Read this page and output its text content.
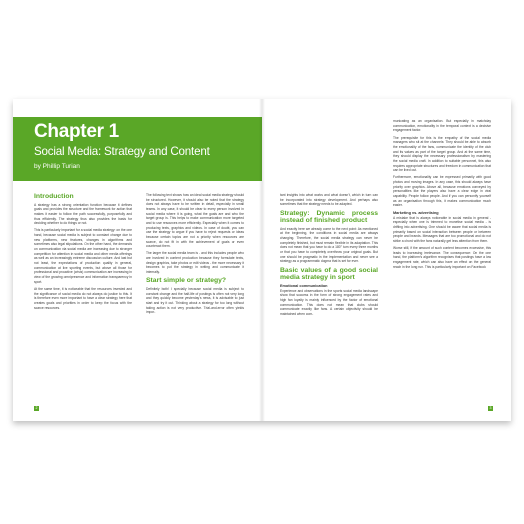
Chapter 1
Social Media: Strategy and Content
by Phillip Turian
Introduction

A strategy has a strong orientation function because it defines goals and provides the structure and the framework for action that makes it easier to follow the path successfully, purposefully and thus efficiently. The strategy thus also provides the basis for deciding whether to do things or not.

This is particularly important for a social media strategy: on the one hand, because social media is subject to constant change due to new platforms, new features, changes in algorithms and sometimes also legal stipulations. On the other hand, the demands on communication via social media are increasing due to stronger competition for attention in social media and other media offerings as well as an increasingly extreme discussion culture. And last but not least, the expectations of production quality in general, communication at live sporting events, but above all those for professional and proactive (crisis) communication are increasing in view of the growing omnipresence and information transparency in sport.

At the same time, it is noticeable that the resources invested and the significance of social media do not always do justice to this. It is therefore even more important to have a clear strategy here that creates goals and priorities in order to keep the focus with the scarce resources.

The following text shows how an ideal social media strategy should be structured. However, it should also be noted that the strategy does not always have to be written in detail, especially in small teams. In any case, it should be clear to every person involved in social media where it is going, what the goals are and who the target group is. This helps to make communication more targeted and to use resources more efficiently. Especially when it comes to producing texts, graphics and videos. In case of doubt, you can use the strategy to argue if you have to reject requests or ideas because certain topics are not a priority when resources are scarce, do not fit in with the achievement of goals or even counteract them.

The larger the social media team is - and this includes people who are involved in content production because they formulate texts, design graphics, take photos or edit videos - the more necessary it becomes to put the strategy in writing and communicate it internally.

Start simple or strategy?

Definitely both! I specially because social media is subject to constant change and the half-life of postings is often not very long and they quickly become yesterday's news, it is advisable to just start and try it out. Thinking about a strategy for too long without taking action is not very productive. Trial-and-error often yields impor-

2

tant insights into what works and what doesn't, which in turn can be incorporated into strategy development. And perhaps also sometimes that the strategy needs to be adapted.

Strategy: Dynamic process instead of finished product

And exactly here we already come to the next point: As mentioned at the beginning, the conditions in social media are always changing. Therefore, the social media strategy can never be completely finished, but must remain flexible in its adaptation. This does not mean that you have to do a 180° turn every three months or that you have to completely overthrow your original goals. But one should be pragmatic in the implementation and never see a strategy as a programmatic dogma that is set for ever.

Basic values of a good social media strategy in sport
Emotional communication

Experience and observations in the sports social media landscape show that success in the form of strong engagement rates and high fan loyalty is mainly influenced by the factor of emotional communication. This does not mean that clubs should communicate exactly like fans. A certain objectivity should be maintained when com-

municating as an organisation. But especially in matchday communication, emotionality in the temporal context is a decisive engagement factor.

The prerequisite for this is the empathy of the social media managers who sit at the channels: They should be able to absorb the emotionality of the fans, communicate the identity of the club and its values as part of the target group. And at the same time, they should display the necessary professionalism by mastering the social media craft. In addition to suitable personnel, this also requires appropriate structures and freedom in communication that can be lived out.

Furthermore, emotionality can be expressed primarily with good photos and moving images. In any case, this should always have priority over graphics. Above all, because emotions conveyed by personalities like the players also have a clear edge in viral capability. People follow people. And if you can personify yourself as an organisation through this, it makes communication much easier.

Marketing vs. advertising

A mistake that is always noticeable in social media in general - especially when one is trimmed to monetise social media - is drifting into advertising. One should be aware that social media is primarily based on social interaction between people or between people and brands. Messages that are too promotional and do not strike a chord with the fans naturally get less attention from them.

Worse still, if the amount of such content becomes excessive, this leads to increasing irrelevance. The consequence: On the one hand, the platform's algorithm recognises that postings have a low engagement rate, which can also have an effect on the general reach in the long run. This is particularly important on Facebook

3
